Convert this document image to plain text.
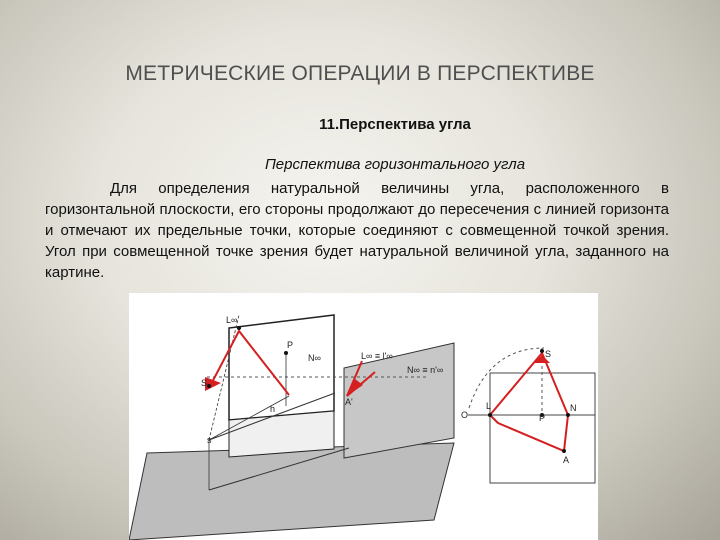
МЕТРИЧЕСКИЕ ОПЕРАЦИИ В ПЕРСПЕКТИВЕ
11.Перспектива угла
Перспектива горизонтального угла
Для определения натуральной величины угла, расположенного в горизонтальной плоскости, его стороны продолжают до пересечения с линией горизонта и отмечают их предельные точки, которые соединяют с совмещенной точкой зрения. Угол при совмещенной точке зрения будет натуральной величиной угла, заданного на картине.
L∞
P
N∞
S
L∞ ≡ l'∞
N∞ ≡ n'∞
A'
h
s
S
O
L
P
N
A
